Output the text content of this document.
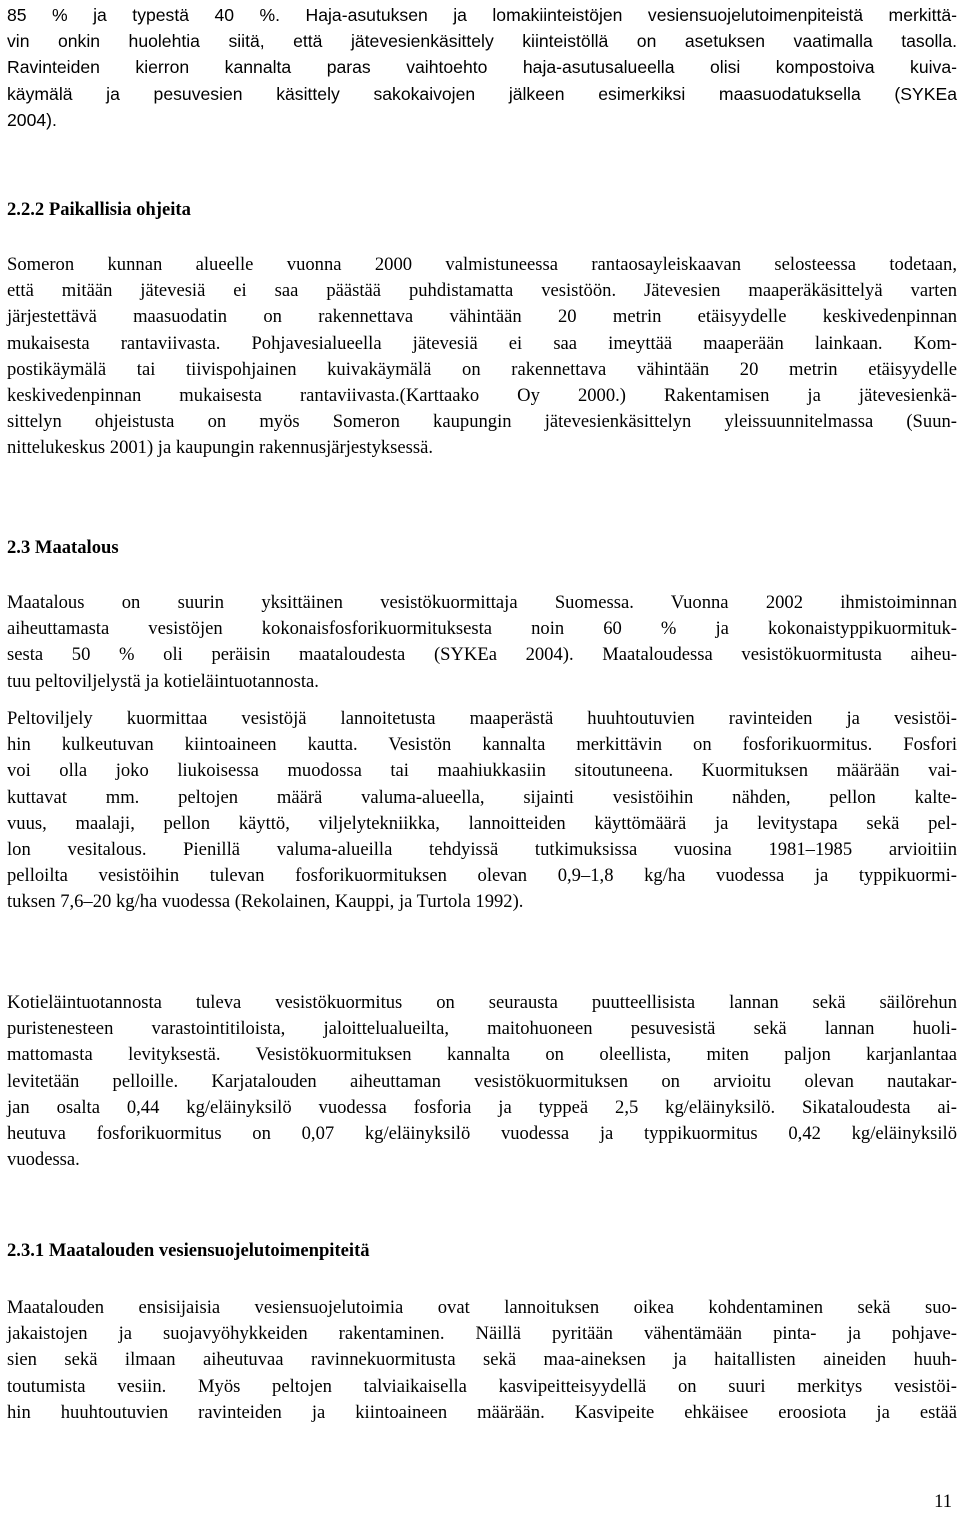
85 % ja typestä 40 %. Haja-asutuksen ja lomakiinteistöjen vesiensuojelutoimenpiteistä merkittä-
vin onkin huolehtia siitä, että jätevesienkäsittely kiinteistöllä on asetuksen vaatimalla tasolla.
Ravinteiden kierron kannalta paras vaihtoehto haja-asutusalueella olisi kompostoiva kuiva-
käymälä ja pesuvesien käsittely sakokaivojen jälkeen esimerkiksi maasuodatuksella (SYKEa
2004).
2.2.2 Paikallisia ohjeita
Someron kunnan alueelle vuonna 2000 valmistuneessa rantaosayleiskaavan selosteessa todetaan,
että mitään jätevesiä ei saa päästää puhdistamatta vesistöön. Jätevesien maaperäkäsittelyä varten
järjestettävä maasuodatin on rakennettava vähintään 20 metrin etäisyydelle keskivedenpinnan
mukaisesta rantaviivasta. Pohjavesialueella jätevesiä ei saa imeyttää maaperään lainkaan. Kom-
postikäymälä tai tiivispohjainen kuivakäymälä on rakennettava vähintään 20 metrin etäisyydelle
keskivedenpinnan mukaisesta rantaviivasta.(Karttaako Oy 2000.) Rakentamisen ja jätevesienkä-
sittelyn ohjeistusta on myös Someron kaupungin jätevesienkäsittelyn yleissuunnitelmassa (Suun-
nittelukeskus 2001) ja kaupungin rakennusjärjestyksessä.
2.3 Maatalous
Maatalous on suurin yksittäinen vesistökuormittaja Suomessa. Vuonna 2002 ihmistoiminnan
aiheuttamasta vesistöjen kokonaisfosforikuormituksesta noin 60 % ja kokonaistyppikuormituk-
sesta 50 % oli peräisin maataloudesta (SYKEa 2004). Maataloudessa vesistökuormitusta aiheu-
tuu peltoviljelystä ja kotieläintuotannosta.
Peltoviljely kuormittaa vesistöjä lannoitetusta maaperästä huuhtoutuvien ravinteiden ja vesistöi-
hin kulkeutuvan kiintoaineen kautta. Vesistön kannalta merkittävin on fosforikuormitus. Fosfori
voi olla joko liukoisessa muodossa tai maahiukkasiin sitoutuneena. Kuormituksen määrään vai-
kuttavat mm. peltojen määrä valuma-alueella, sijainti vesistöihin nähden, pellon kalte-
vuus, maalaji, pellon käyttö, viljelytekniikka, lannoitteiden käyttömäärä ja levitystapa sekä pel-
lon vesitalous. Pienillä valuma-alueilla tehdyissä tutkimuksissa vuosina 1981–1985 arvioitiin
pelloilta vesistöihin tulevan fosforikuormituksen olevan 0,9–1,8 kg/ha vuodessa ja typpikuormi-
tuksen 7,6–20 kg/ha vuodessa (Rekolainen, Kauppi, ja Turtola 1992).
Kotieläintuotannosta tuleva vesistökuormitus on seurausta puutteellisista lannan sekä säilörehun
puristenesteen varastointitiloista, jaloittelualueilta, maitohuoneen pesuvesistä sekä lannan huoli-
mattomasta levityksestä. Vesistökuormituksen kannalta on oleellista, miten paljon karjanlantaa
levitetään pelloille. Karjatalouden aiheuttaman vesistökuormituksen on arvioitu olevan nautakar-
jan osalta 0,44 kg/eläinyksilö vuodessa fosforia ja typpeä 2,5 kg/eläinyksilö. Sikataloudesta ai-
heutuva fosforikuormitus on 0,07 kg/eläinyksilö vuodessa ja typpikuormitus 0,42 kg/eläinyksilö
vuodessa.
2.3.1 Maatalouden vesiensuojelutoimenpiteitä
Maatalouden ensisijaisia vesiensuojelutoimia ovat lannoituksen oikea kohdentaminen sekä suo-
jakaistojen ja suojavyöhykkeiden rakentaminen. Näillä pyritään vähentämään pinta- ja pohjave-
sien sekä ilmaan aiheutuvaa ravinnekuormitusta sekä maa-aineksen ja haitallisten aineiden huuh-
toutumista vesiin. Myös peltojen talviaikaisella kasvipeitteisyydellä on suuri merkitys vesistöi-
hin huuhtoutuvien ravinteiden ja kiintoaineen määrään. Kasvipeite ehkäisee eroosiota ja estää
11
